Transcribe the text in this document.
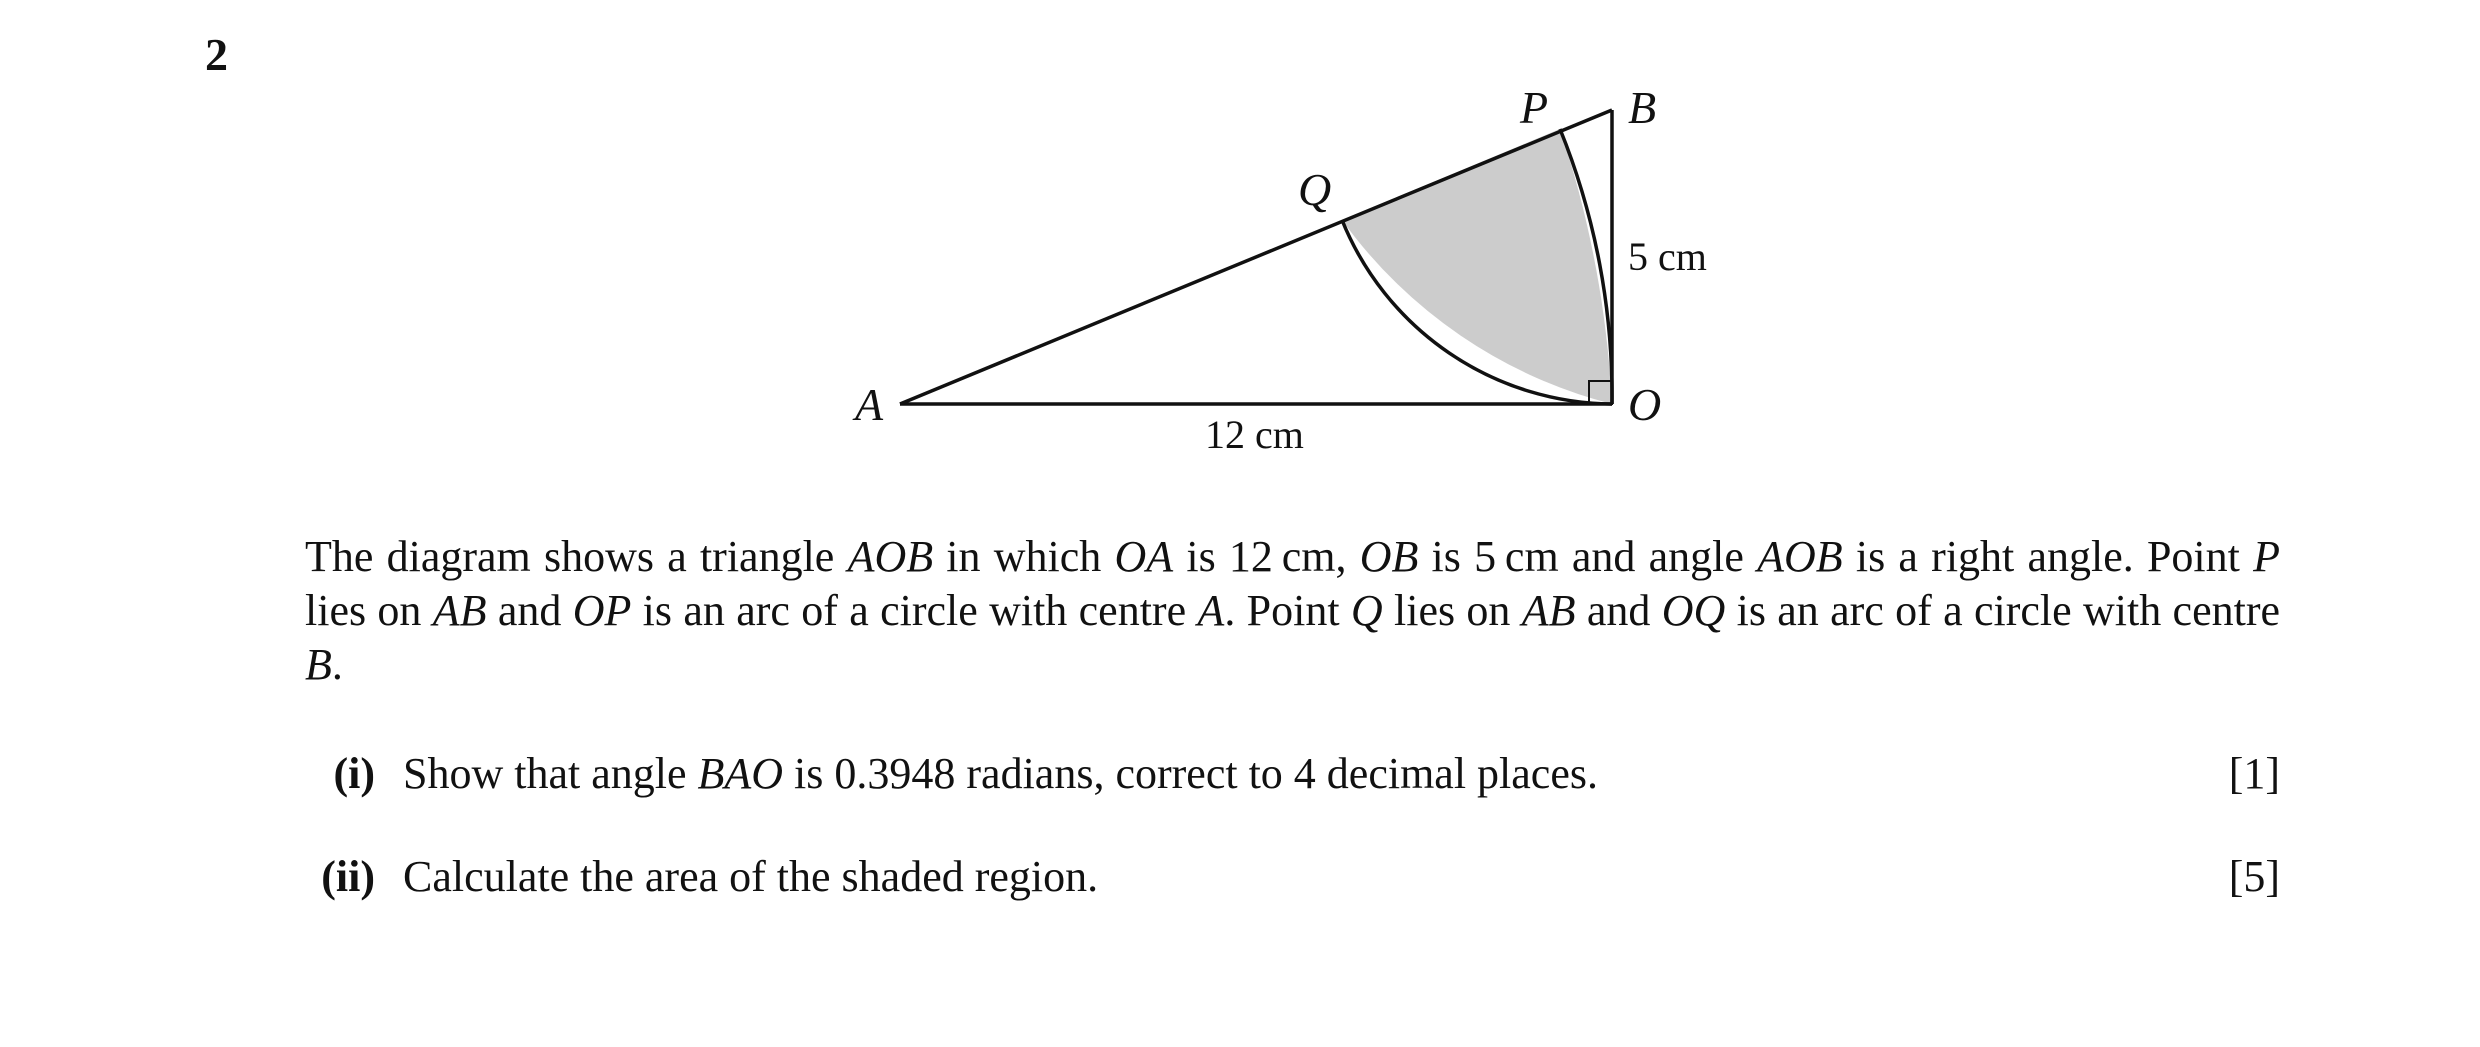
2
A	O
B
P
Q
12 cm
5 cm

The diagram shows a triangle AOB in which OA is 12 cm, OB is 5 cm and angle AOB is a right angle. Point P lies on AB and OP is an arc of a circle with centre A. Point Q lies on AB and OQ is an arc of a circle with centre B.

(i) Show that angle BAO is 0.3948 radians, correct to 4 decimal places.	[1]
(ii) Calculate the area of the shaded region.	[5]
